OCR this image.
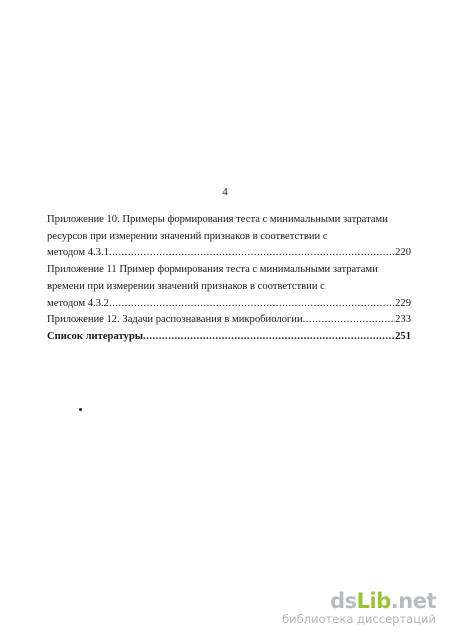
4
Приложение 10. Примеры формирования теста с минимальными затратами
ресурсов при измерении значений признаков в соответствии с
методом 4.3.1 .....	220
Приложение 11 Пример формирования теста с минимальными затратами
времени при измерении значений признаков в соответствии с
методом 4.3.2 .....	229
Приложение 12. Задачи распознавания в микробиологии .....	233
Список литературы .....	251
dsLib.net
библиотека диссертаций
